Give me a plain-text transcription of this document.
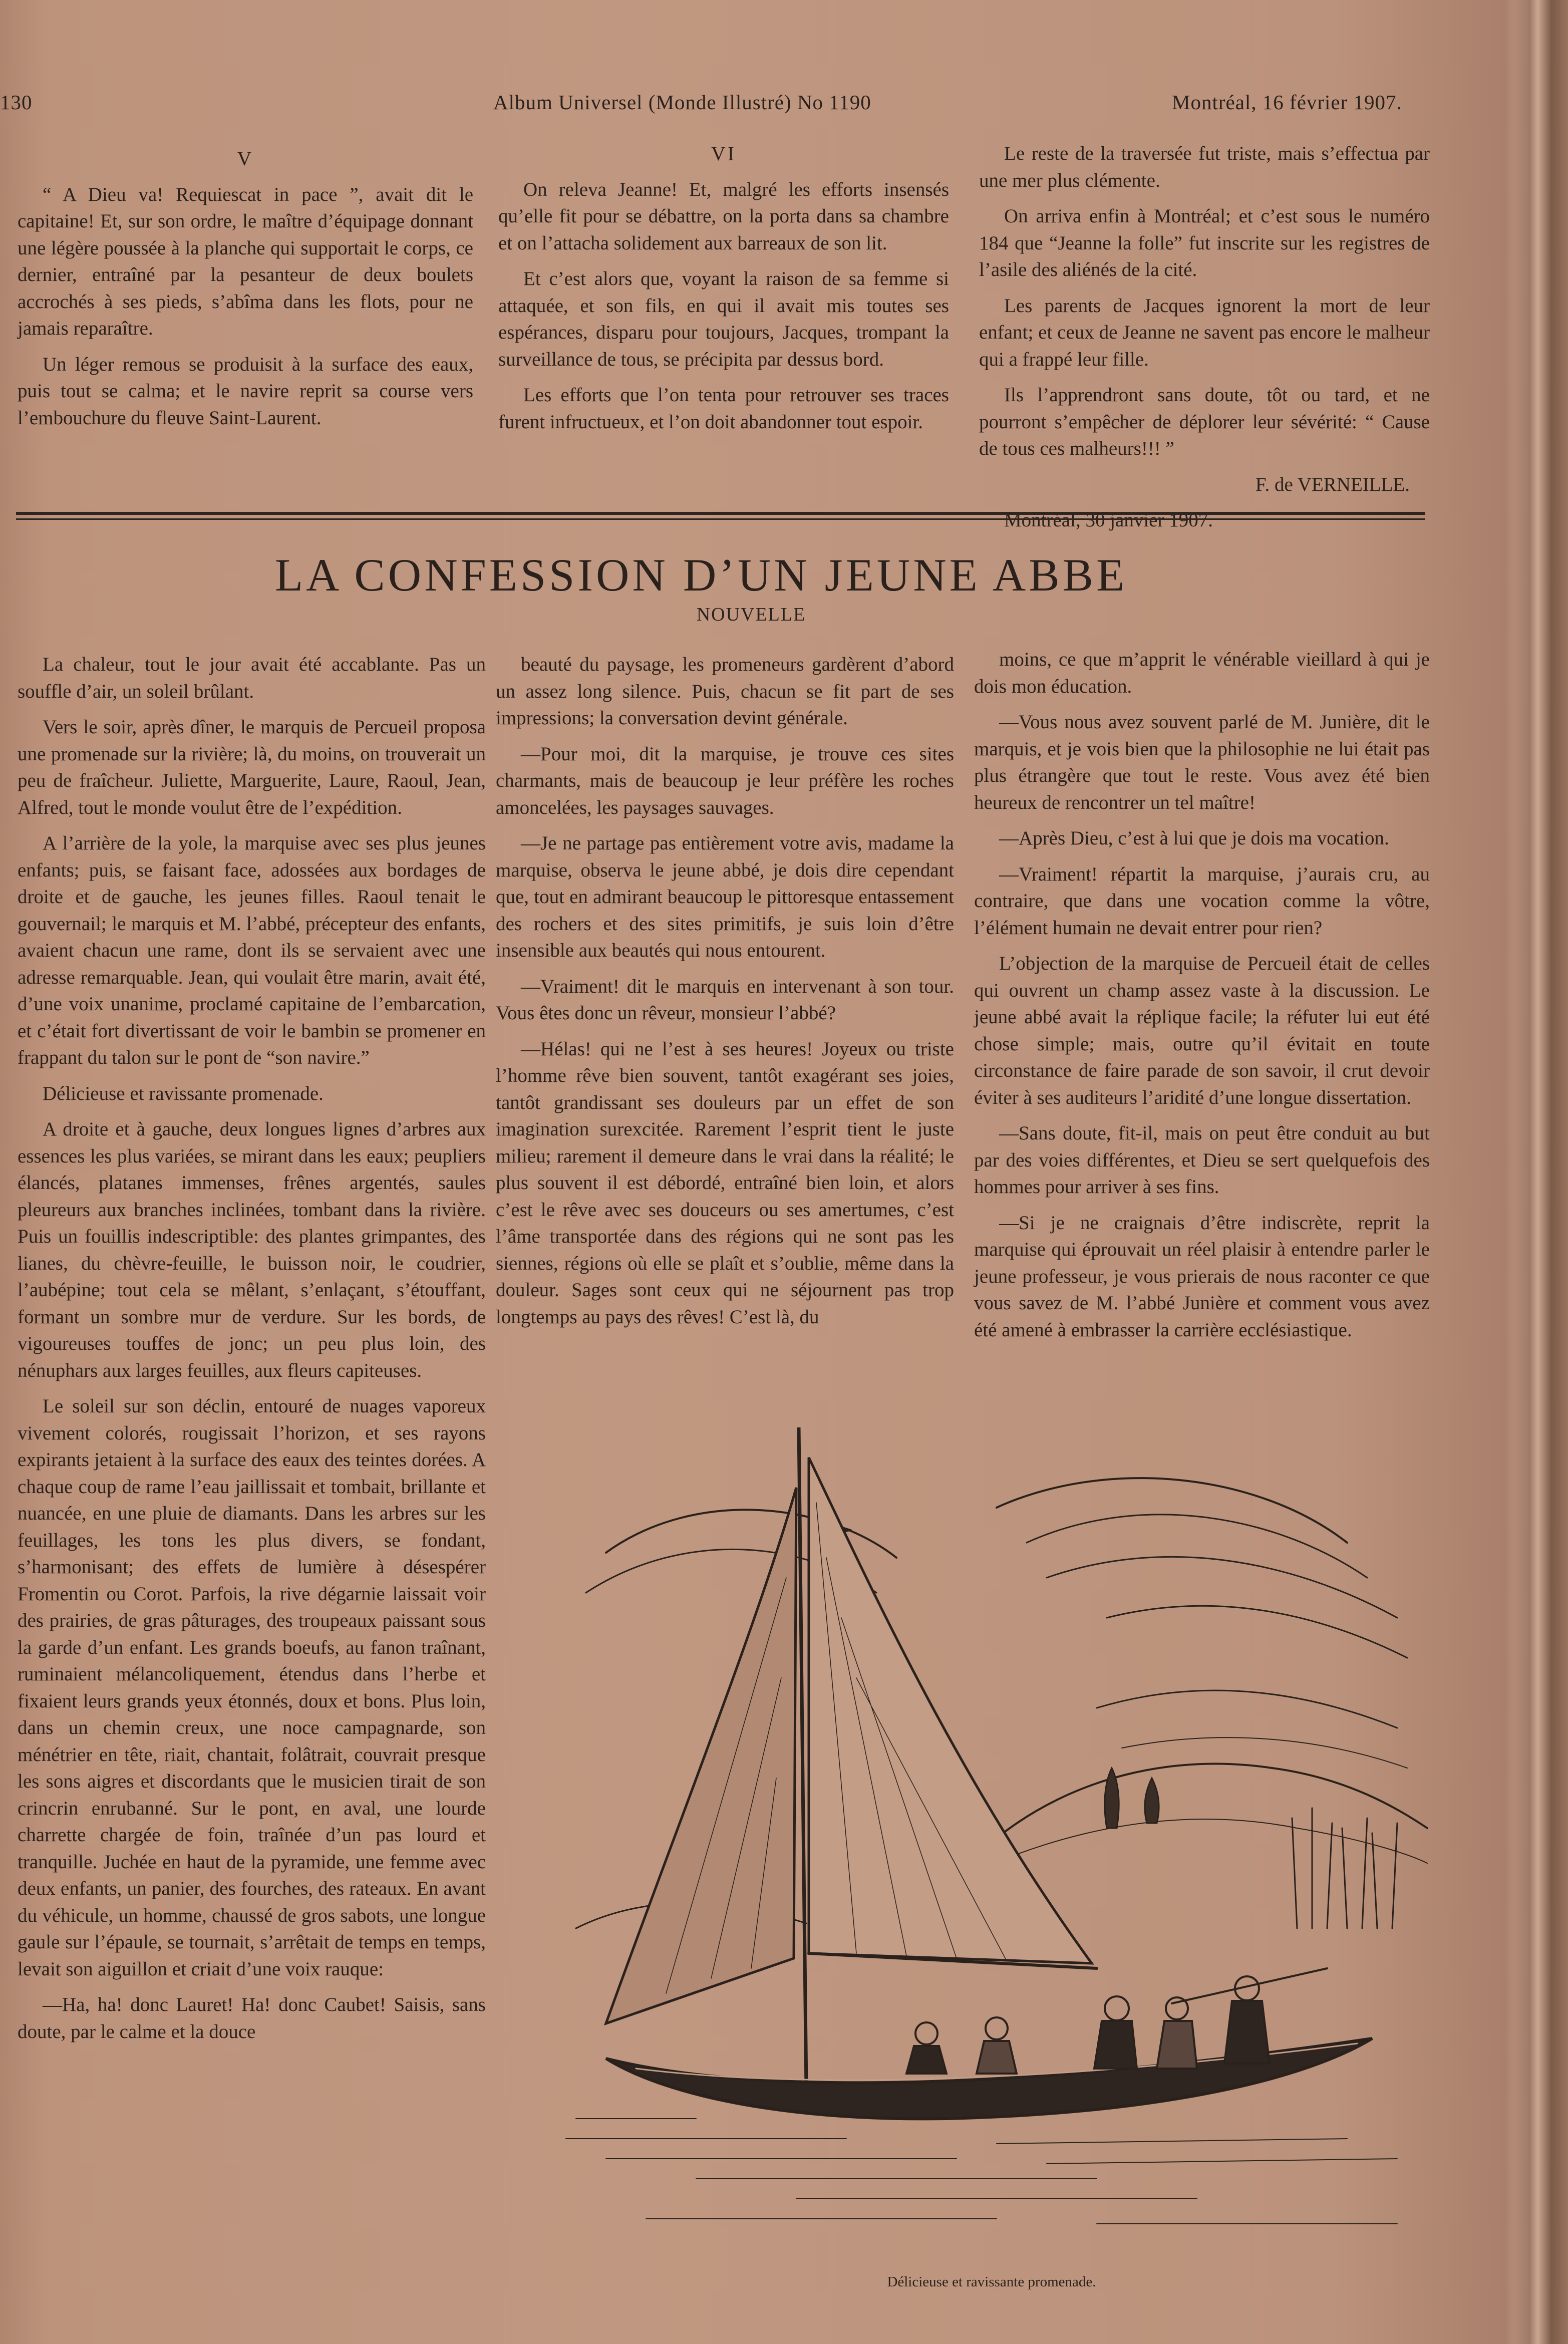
130	Album Universel (Monde Illustré) No 1190	Montréal, 16 février 1907.
V

“ A Dieu va! Requiescat in pace ”, avait dit le capitaine! Et, sur son ordre, le maître d’équipage donnant une légère poussée à la planche qui supportait le corps, ce dernier, entraîné par la pesanteur de deux boulets accrochés à ses pieds, s’abîma dans les flots, pour ne jamais reparaître.

Un léger remous se produisit à la surface des eaux, puis tout se calma; et le navire reprit sa course vers l’embouchure du fleuve Saint-Laurent.

VI

On releva Jeanne! Et, malgré les efforts insensés qu’elle fit pour se débattre, on la porta dans sa chambre et on l’attacha solidement aux barreaux de son lit.

Et c’est alors que, voyant la raison de sa femme si attaquée, et son fils, en qui il avait mis toutes ses espérances, disparu pour toujours, Jacques, trompant la surveillance de tous, se précipita par dessus bord.

Les efforts que l’on tenta pour retrouver ses traces furent infructueux, et l’on doit abandonner tout espoir.

Le reste de la traversée fut triste, mais s’effectua par une mer plus clémente.

On arriva enfin à Montréal; et c’est sous le numéro 184 que “Jeanne la folle” fut inscrite sur les registres de l’asile des aliénés de la cité.

Les parents de Jacques ignorent la mort de leur enfant; et ceux de Jeanne ne savent pas encore le malheur qui a frappé leur fille.

Ils l’apprendront sans doute, tôt ou tard, et ne pourront s’empêcher de déplorer leur sévérité: “ Cause de tous ces malheurs!!! ”

F. de VERNEILLE.

Montréal, 30 janvier 1907.

LA CONFESSION D’UN JEUNE ABBE
NOUVELLE

La chaleur, tout le jour avait été accablante. Pas un souffle d’air, un soleil brûlant.

Vers le soir, après dîner, le marquis de Percueil proposa une promenade sur la rivière; là, du moins, on trouverait un peu de fraîcheur. Juliette, Marguerite, Laure, Raoul, Jean, Alfred, tout le monde voulut être de l’expédition.

A l’arrière de la yole, la marquise avec ses plus jeunes enfants; puis, se faisant face, adossées aux bordages de droite et de gauche, les jeunes filles. Raoul tenait le gouvernail; le marquis et M. l’abbé, précepteur des enfants, avaient chacun une rame, dont ils se servaient avec une adresse remarquable. Jean, qui voulait être marin, avait été, d’une voix unanime, proclamé capitaine de l’embarcation, et c’était fort divertissant de voir le bambin se promener en frappant du talon sur le pont de “son navire.”

Délicieuse et ravissante promenade.

A droite et à gauche, deux longues lignes d’arbres aux essences les plus variées, se mirant dans les eaux; peupliers élancés, platanes immenses, frênes argentés, saules pleureurs aux branches inclinées, tombant dans la rivière. Puis un fouillis indescriptible: des plantes grimpantes, des lianes, du chèvre-feuille, le buisson noir, le coudrier, l’aubépine; tout cela se mêlant, s’enlaçant, s’étouffant, formant un sombre mur de verdure. Sur les bords, de vigoureuses touffes de jonc; un peu plus loin, des nénuphars aux larges feuilles, aux fleurs capiteuses.

Le soleil sur son déclin, entouré de nuages vaporeux vivement colorés, rougissait l’horizon, et ses rayons expirants jetaient à la surface des eaux des teintes dorées. A chaque coup de rame l’eau jaillissait et tombait, brillante et nuancée, en une pluie de diamants. Dans les arbres sur les feuillages, les tons les plus divers, se fondant, s’harmonisant; des effets de lumière à désespérer Fromentin ou Corot. Parfois, la rive dégarnie laissait voir des prairies, de gras pâturages, des troupeaux paissant sous la garde d’un enfant. Les grands boeufs, au fanon traînant, ruminaient mélancoliquement, étendus dans l’herbe et fixaient leurs grands yeux étonnés, doux et bons. Plus loin, dans un chemin creux, une noce campagnarde, son ménétrier en tête, riait, chantait, folâtrait, couvrait presque les sons aigres et discordants que le musicien tirait de son crincrin enrubanné. Sur le pont, en aval, une lourde charrette chargée de foin, traînée d’un pas lourd et tranquille. Juchée en haut de la pyramide, une femme avec deux enfants, un panier, des fourches, des rateaux. En avant du véhicule, un homme, chaussé de gros sabots, une longue gaule sur l’épaule, se tournait, s’arrêtait de temps en temps, levait son aiguillon et criait d’une voix rauque:

—Ha, ha! donc Lauret! Ha! donc Caubet! Saisis, sans doute, par le calme et la douce

beauté du paysage, les promeneurs gardèrent d’abord un assez long silence. Puis, chacun se fit part de ses impressions; la conversation devint générale.

—Pour moi, dit la marquise, je trouve ces sites charmants, mais de beaucoup je leur préfère les roches amoncelées, les paysages sauvages.

—Je ne partage pas entièrement votre avis, madame la marquise, observa le jeune abbé, je dois dire cependant que, tout en admirant beaucoup le pittoresque entassement des rochers et des sites primitifs, je suis loin d’être insensible aux beautés qui nous entourent.

—Vraiment! dit le marquis en intervenant à son tour. Vous êtes donc un rêveur, monsieur l’abbé?

—Hélas! qui ne l’est à ses heures! Joyeux ou triste l’homme rêve bien souvent, tantôt exagérant ses joies, tantôt grandissant ses douleurs par un effet de son imagination surexcitée. Rarement l’esprit tient le juste milieu; rarement il demeure dans le vrai dans la réalité; le plus souvent il est débordé, entraîné bien loin, et alors c’est le rêve avec ses douceurs ou ses amertumes, c’est l’âme transportée dans des régions qui ne sont pas les siennes, régions où elle se plaît et s’oublie, même dans la douleur. Sages sont ceux qui ne séjournent pas trop longtemps au pays des rêves! C’est là, du

moins, ce que m’apprit le vénérable vieillard à qui je dois mon éducation.

—Vous nous avez souvent parlé de M. Junière, dit le marquis, et je vois bien que la philosophie ne lui était pas plus étrangère que tout le reste. Vous avez été bien heureux de rencontrer un tel maître!

—Après Dieu, c’est à lui que je dois ma vocation.

—Vraiment! répartit la marquise, j’aurais cru, au contraire, que dans une vocation comme la vôtre, l’élément humain ne devait entrer pour rien?

L’objection de la marquise de Percueil était de celles qui ouvrent un champ assez vaste à la discussion. Le jeune abbé avait la réplique facile; la réfuter lui eut été chose simple; mais, outre qu’il évitait en toute circonstance de faire parade de son savoir, il crut devoir éviter à ses auditeurs l’aridité d’une longue dissertation.

—Sans doute, fit-il, mais on peut être conduit au but par des voies différentes, et Dieu se sert quelquefois des hommes pour arriver à ses fins.

—Si je ne craignais d’être indiscrète, reprit la marquise qui éprouvait un réel plaisir à entendre parler le jeune professeur, je vous prierais de nous raconter ce que vous savez de M. l’abbé Junière et comment vous avez été amené à embrasser la carrière ecclésiastique.

Délicieuse et ravissante promenade.
